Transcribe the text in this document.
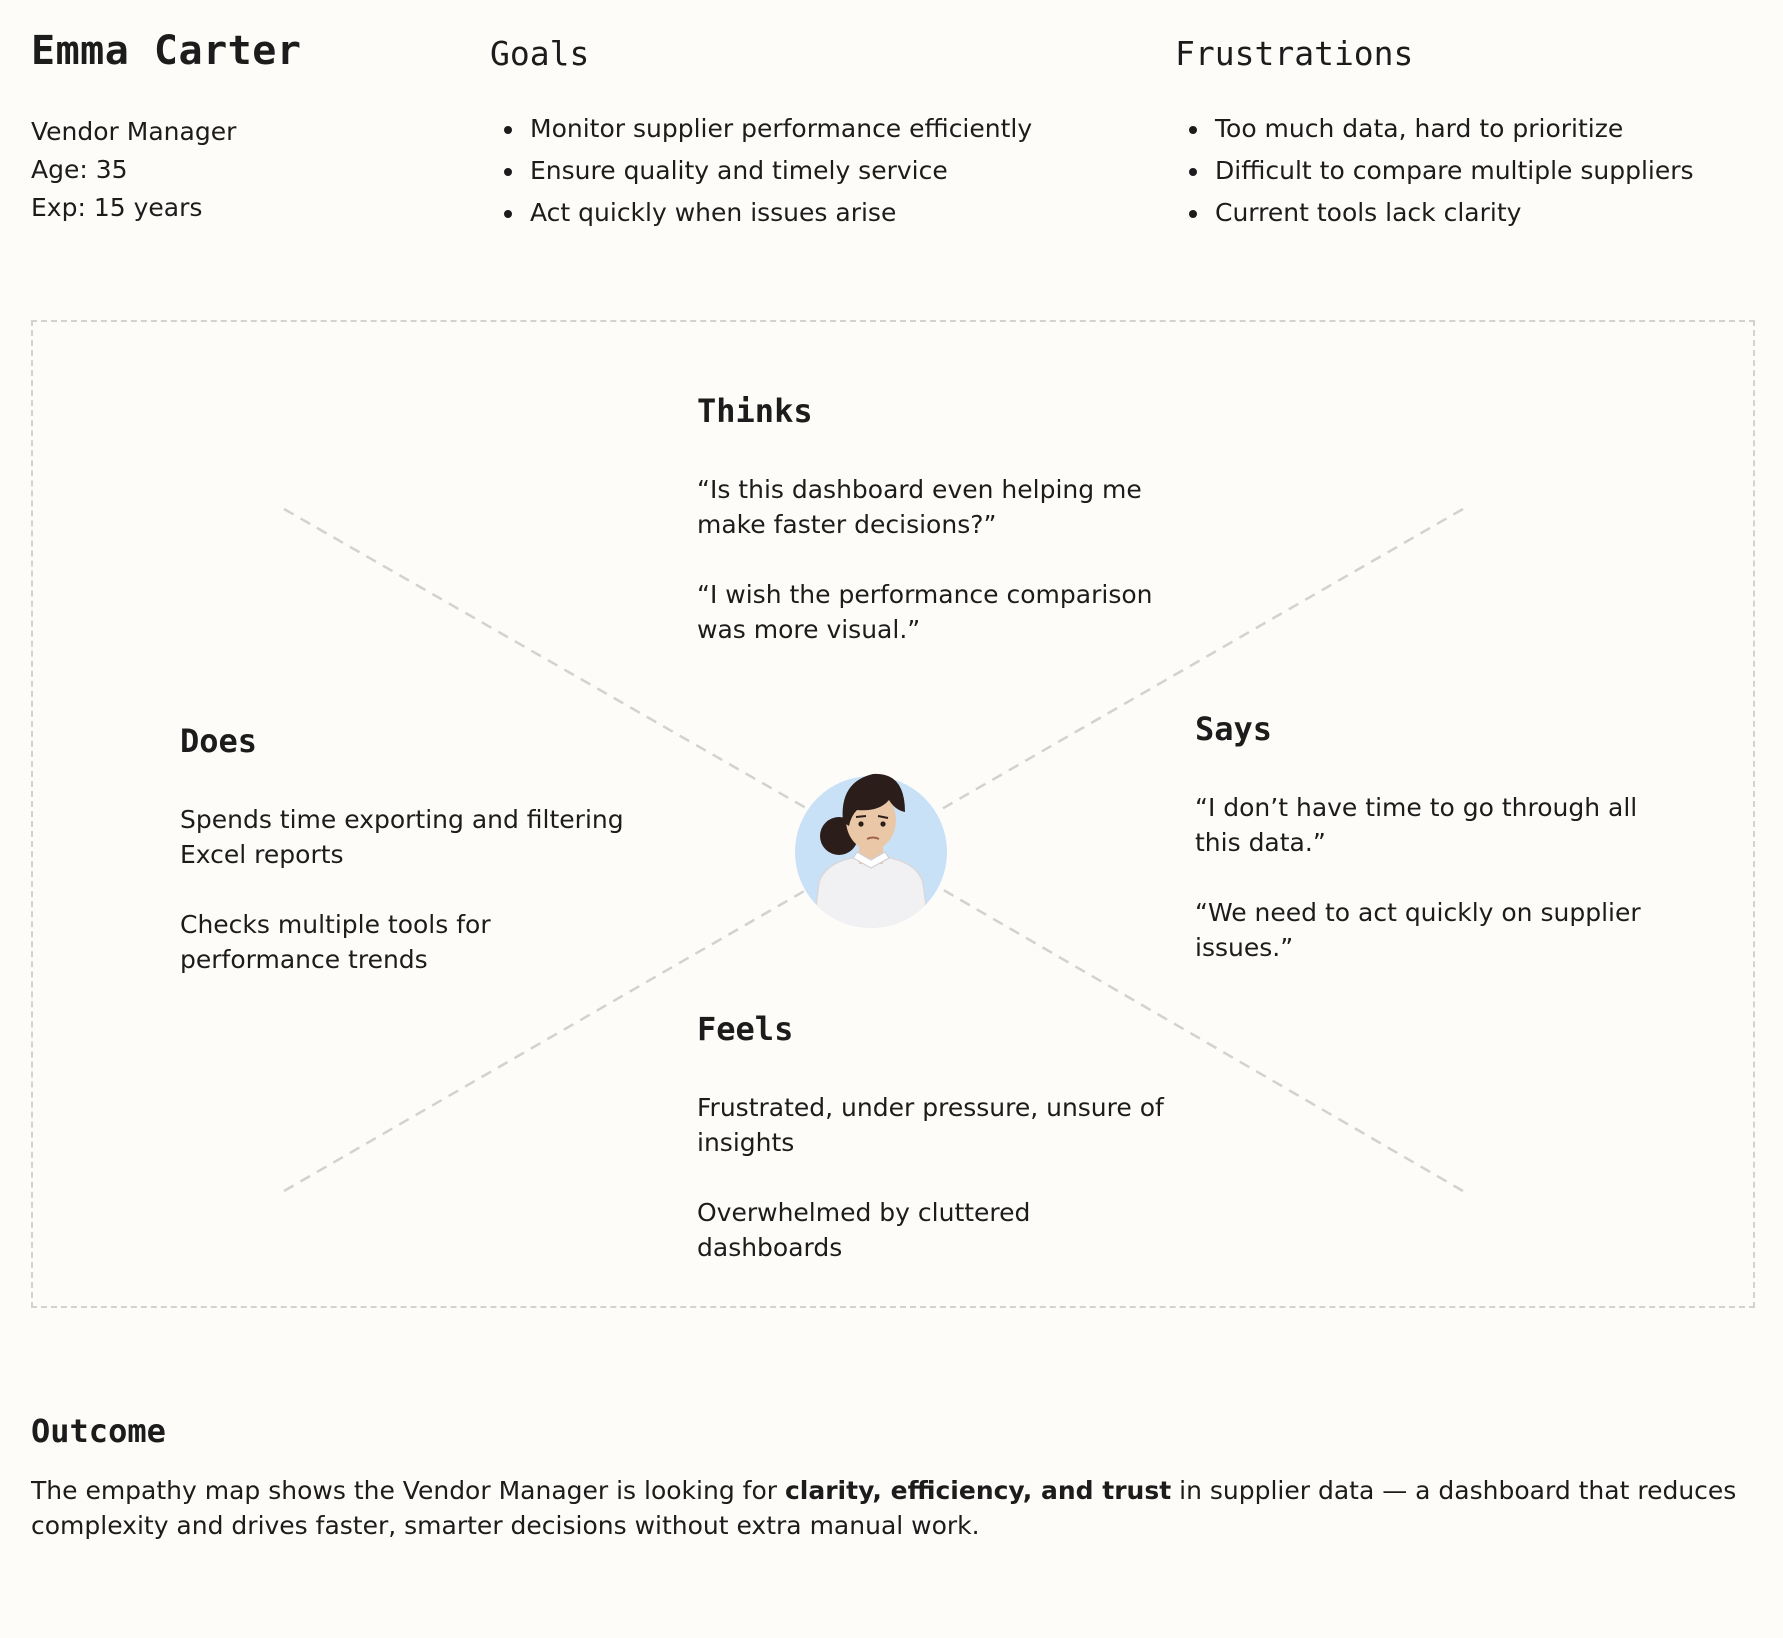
Emma Carter
Vendor Manager
Age: 35
Exp: 15 years
Goals
Monitor supplier performance efficiently
Ensure quality and timely service
Act quickly when issues arise
Frustrations
Too much data, hard to prioritize
Difficult to compare multiple suppliers
Current tools lack clarity
Thinks

“Is this dashboard even helping me make faster decisions?”

“I wish the performance comparison was more visual.”

Does

Spends time exporting and filtering Excel reports

Checks multiple tools for performance trends

Says

“I don’t have time to go through all this data.”

“We need to act quickly on supplier issues.”

Feels

Frustrated, under pressure, unsure of insights

Overwhelmed by cluttered dashboards

Outcome
The empathy map shows the Vendor Manager is looking for clarity, efficiency, and trust in supplier data — a dashboard that reduces complexity and drives faster, smarter decisions without extra manual work.
